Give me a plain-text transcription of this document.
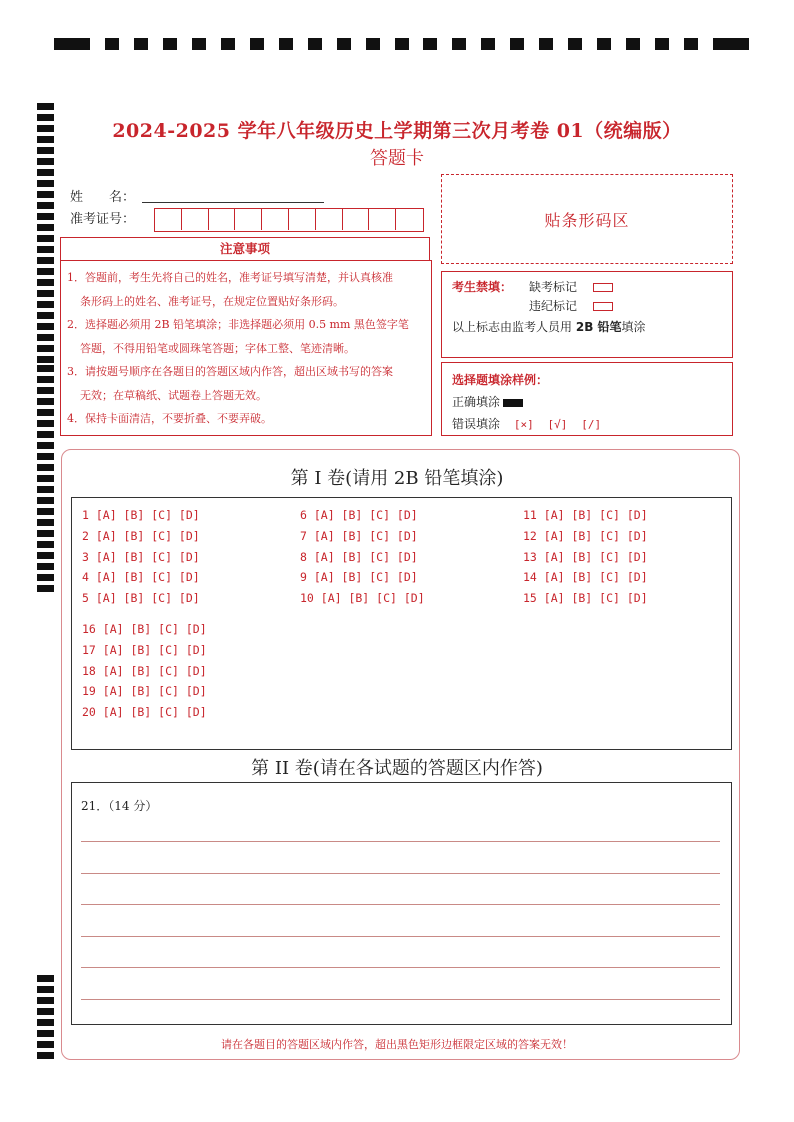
2024-2025 学年八年级历史上学期第三次月考卷 01（统编版）
答题卡
姓　　名：
准考证号：	贴条形码区
注意事项
1．答题前，考生先将自己的姓名，准考证号填写清楚，并认真核准
条形码上的姓名、准考证号，在规定位置贴好条形码。
2．选择题必须用 2B 铅笔填涂；非选择题必须用 0.5 mm 黑色签字笔
答题，不得用铅笔或圆珠笔答题；字体工整、笔迹清晰。
3．请按题号顺序在各题目的答题区域内作答，超出区域书写的答案
无效；在草稿纸、试题卷上答题无效。
4．保持卡面清洁，不要折叠、不要弄破。
考生禁填： 缺考标记
违纪标记
以上标志由监考人员用 2B 铅笔填涂
选择题填涂样例：
正确填涂
错误填涂 [×] [√] [/]
第 I 卷(请用 2B 铅笔填涂)
1 [A] [B] [C] [D]
2 [A] [B] [C] [D]
3 [A] [B] [C] [D]
4 [A] [B] [C] [D]
5 [A] [B] [C] [D]
6 [A] [B] [C] [D]
7 [A] [B] [C] [D]
8 [A] [B] [C] [D]
9 [A] [B] [C] [D]
10 [A] [B] [C] [D]
11 [A] [B] [C] [D]
12 [A] [B] [C] [D]
13 [A] [B] [C] [D]
14 [A] [B] [C] [D]
15 [A] [B] [C] [D]
16 [A] [B] [C] [D]
17 [A] [B] [C] [D]
18 [A] [B] [C] [D]
19 [A] [B] [C] [D]
20 [A] [B] [C] [D]
第 II 卷(请在各试题的答题区内作答)
21．（14 分）
请在各题目的答题区域内作答，超出黑色矩形边框限定区域的答案无效！
